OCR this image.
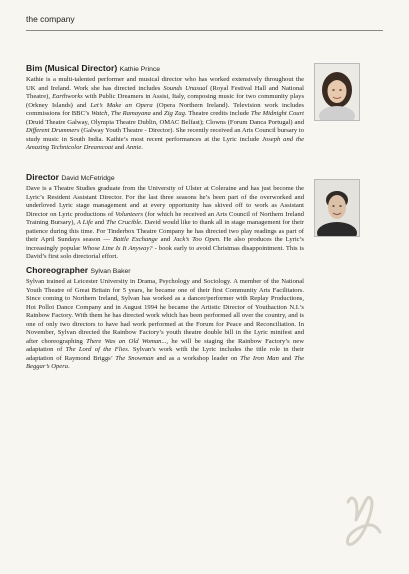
the company
Bim (Musical Director) Kathie Prince

Kathie is a multi-talented performer and musical director who has worked extensively throughout the UK and Ireland. Work she has directed includes Sounds Unusual (Royal Festival Hall and National Theatre), Earthworks with Public Dreamers in Assisi, Italy, composing music for two community plays (Orkney Islands) and Let’s Make an Opera (Opera Northern Ireland). Television work includes commissions for BBC’s Watch, The Ramayana and Zig Zag. Theatre credits include The Midnight Court (Druid Theatre Galway, Olympia Theatre Dublin, OMAC Belfast); Clowns (Forum Danca Portugal) and Different Drummers (Galway Youth Theatre - Director). She recently received an Arts Council bursary to study music in South India. Kathie’s most recent performances at the Lyric include Joseph and the Amazing Technicolor Dreamcoat and Annie.

Director David McFetridge

Dave is a Theatre Studies graduate from the University of Ulster at Coleraine and has just become the Lyric’s Resident Assistant Director. For the last three seasons he’s been part of the overworked and underloved Lyric stage management and at every opportunity has skived off to work as Assistant Director on Lyric productions of Volunteers (for which he received an Arts Council of Northern Ireland Training Bursary), A Life and The Crucible. David would like to thank all in stage management for their patience during this time. For Tinderbox Theatre Company he has directed two play readings as part of their April Sundays season — Battle Exchange and Jack’s Too Open. He also produces the Lyric’s increasingly popular Whose Line Is It Anyway? - book early to avoid Christmas disappointment. This is David’s first solo directorial effort.

Choreographer Sylvan Baker

Sylvan trained at Leicester University in Drama, Psychology and Sociology. A member of the National Youth Theatre of Great Britain for 5 years, he became one of their first Community Arts Facilitators. Since coming to Northern Ireland, Sylvan has worked as a dancer/performer with Replay Productions, Hoi Polloi Dance Company and in August 1994 he became the Artistic Director of Youthaction N.I.’s Rainbow Factory. With them he has directed work which has been performed all over the country, and is one of only two directors to have had work performed at the Forum for Peace and Reconciliation. In November, Sylvan directed the Rainbow Factory’s youth theatre double bill in the Lyric minifest and after choreographing There Was an Old Woman..., he will be staging the Rainbow Factory’s new adaptation of The Lord of the Flies. Sylvan’s work with the Lyric includes the title role in their adaptation of Raymond Briggs’ The Snowman and as a workshop leader on The Iron Man and The Beggar’s Opera.
